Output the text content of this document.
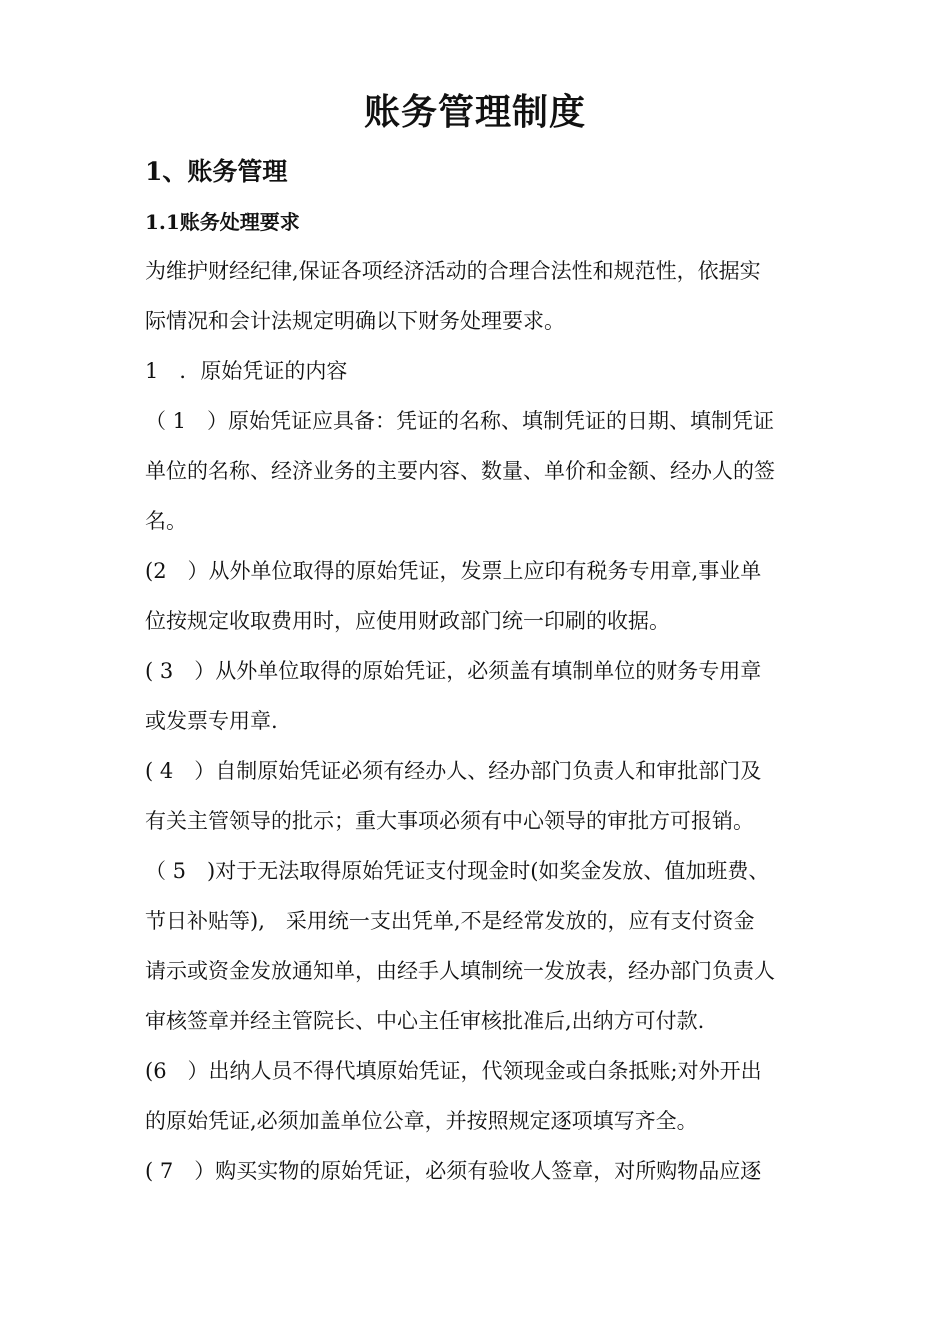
账务管理制度
1、账务管理
1.1账务处理要求
为维护财经纪律,保证各项经济活动的合理合法性和规范性，依据实
际情况和会计法规定明确以下财务处理要求。
1　．原始凭证的内容
（ 1　）原始凭证应具备：凭证的名称、填制凭证的日期、填制凭证
单位的名称、经济业务的主要内容、数量、单价和金额、经办人的签
名。
(2　）从外单位取得的原始凭证，发票上应印有税务专用章,事业单
位按规定收取费用时，应使用财政部门统一印刷的收据。
( 3　）从外单位取得的原始凭证，必须盖有填制单位的财务专用章
或发票专用章.
( 4　）自制原始凭证必须有经办人、经办部门负责人和审批部门及
有关主管领导的批示；重大事项必须有中心领导的审批方可报销。
（ 5　)对于无法取得原始凭证支付现金时(如奖金发放、值加班费、
节日补贴等),　采用统一支出凭单,不是经常发放的，应有支付资金
请示或资金发放通知单，由经手人填制统一发放表，经办部门负责人
审核签章并经主管院长、中心主任审核批准后,出纳方可付款.
(6　）出纳人员不得代填原始凭证，代领现金或白条抵账;对外开出
的原始凭证,必须加盖单位公章，并按照规定逐项填写齐全。
( 7　）购买实物的原始凭证，必须有验收人签章，对所购物品应逐
